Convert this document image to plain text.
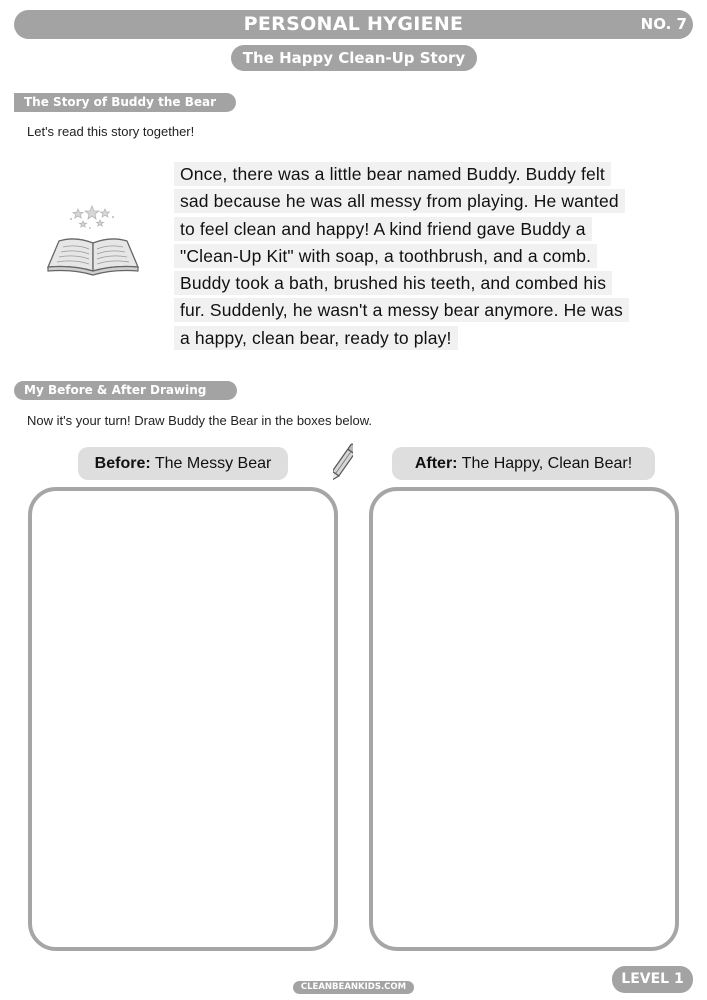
PERSONAL HYGIENE	NO. 7
The Happy Clean-Up Story
The Story of Buddy the Bear
Let's read this story together!
Once, there was a little bear named Buddy. Buddy felt
sad because he was all messy from playing. He wanted
to feel clean and happy! A kind friend gave Buddy a
"Clean-Up Kit" with soap, a toothbrush, and a comb.
Buddy took a bath, brushed his teeth, and combed his
fur. Suddenly, he wasn't a messy bear anymore. He was
a happy, clean bear, ready to play!
My Before & After Drawing
Now it's your turn! Draw Buddy the Bear in the boxes below.
Before: The Messy Bear	After: The Happy, Clean Bear!
CLEANBEANKIDS.COM	LEVEL 1
